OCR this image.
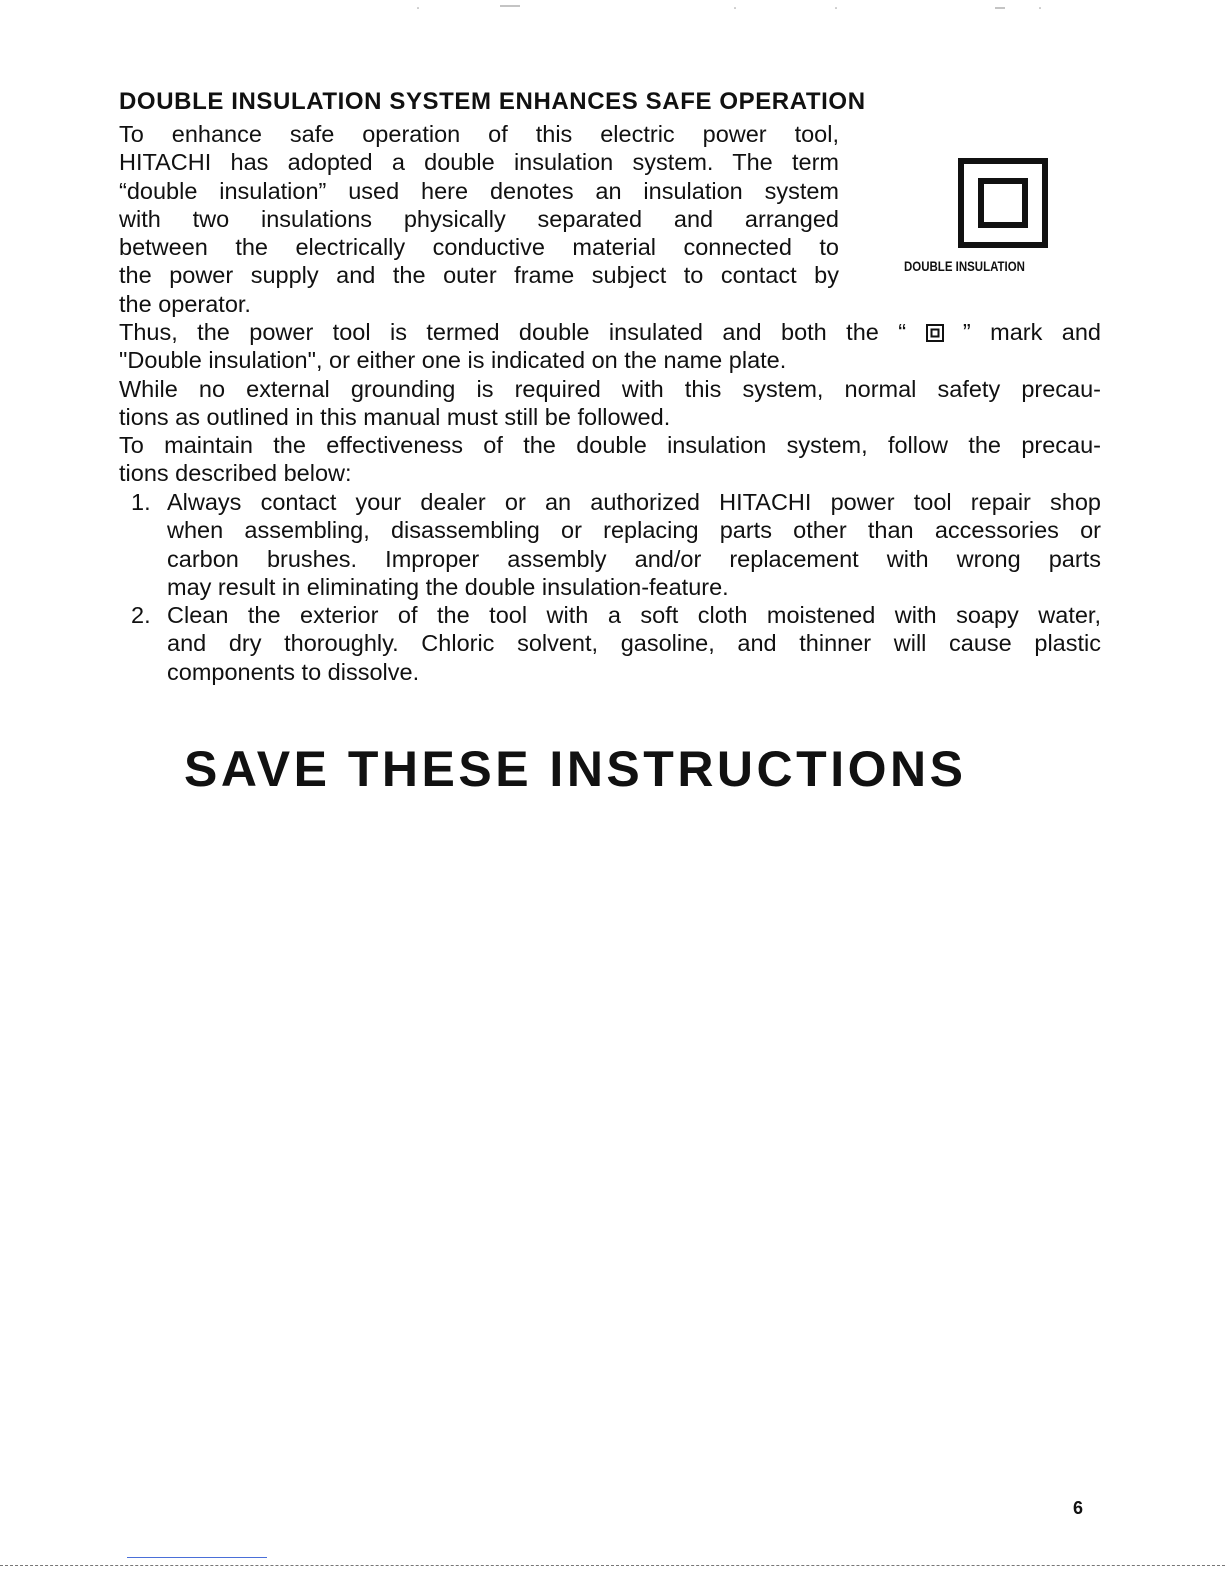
DOUBLE INSULATION SYSTEM ENHANCES SAFE OPERATION
To enhance safe operation of this electric power tool,
HITACHI has adopted a double insulation system. The term
“double insulation” used here denotes an insulation system
with two insulations physically separated and arranged
between the electrically conductive material connected to
the power supply and the outer frame subject to contact by
the operator.
DOUBLE INSULATION
Thus, the power tool is termed double insulated and both the “ ” mark and
"Double insulation", or either one is indicated on the name plate.
While no external grounding is required with this system, normal safety precau-
tions as outlined in this manual must still be followed.
To maintain the effectiveness of the double insulation system, follow the precau-
tions described below:
1. Always contact your dealer or an authorized HITACHI power tool repair shop
when assembling, disassembling or replacing parts other than accessories or
carbon brushes. Improper assembly and/or replacement with wrong parts
may result in eliminating the double insulation-feature.
2. Clean the exterior of the tool with a soft cloth moistened with soapy water,
and dry thoroughly. Chloric solvent, gasoline, and thinner will cause plastic
components to dissolve.
SAVE THESE INSTRUCTIONS
6
